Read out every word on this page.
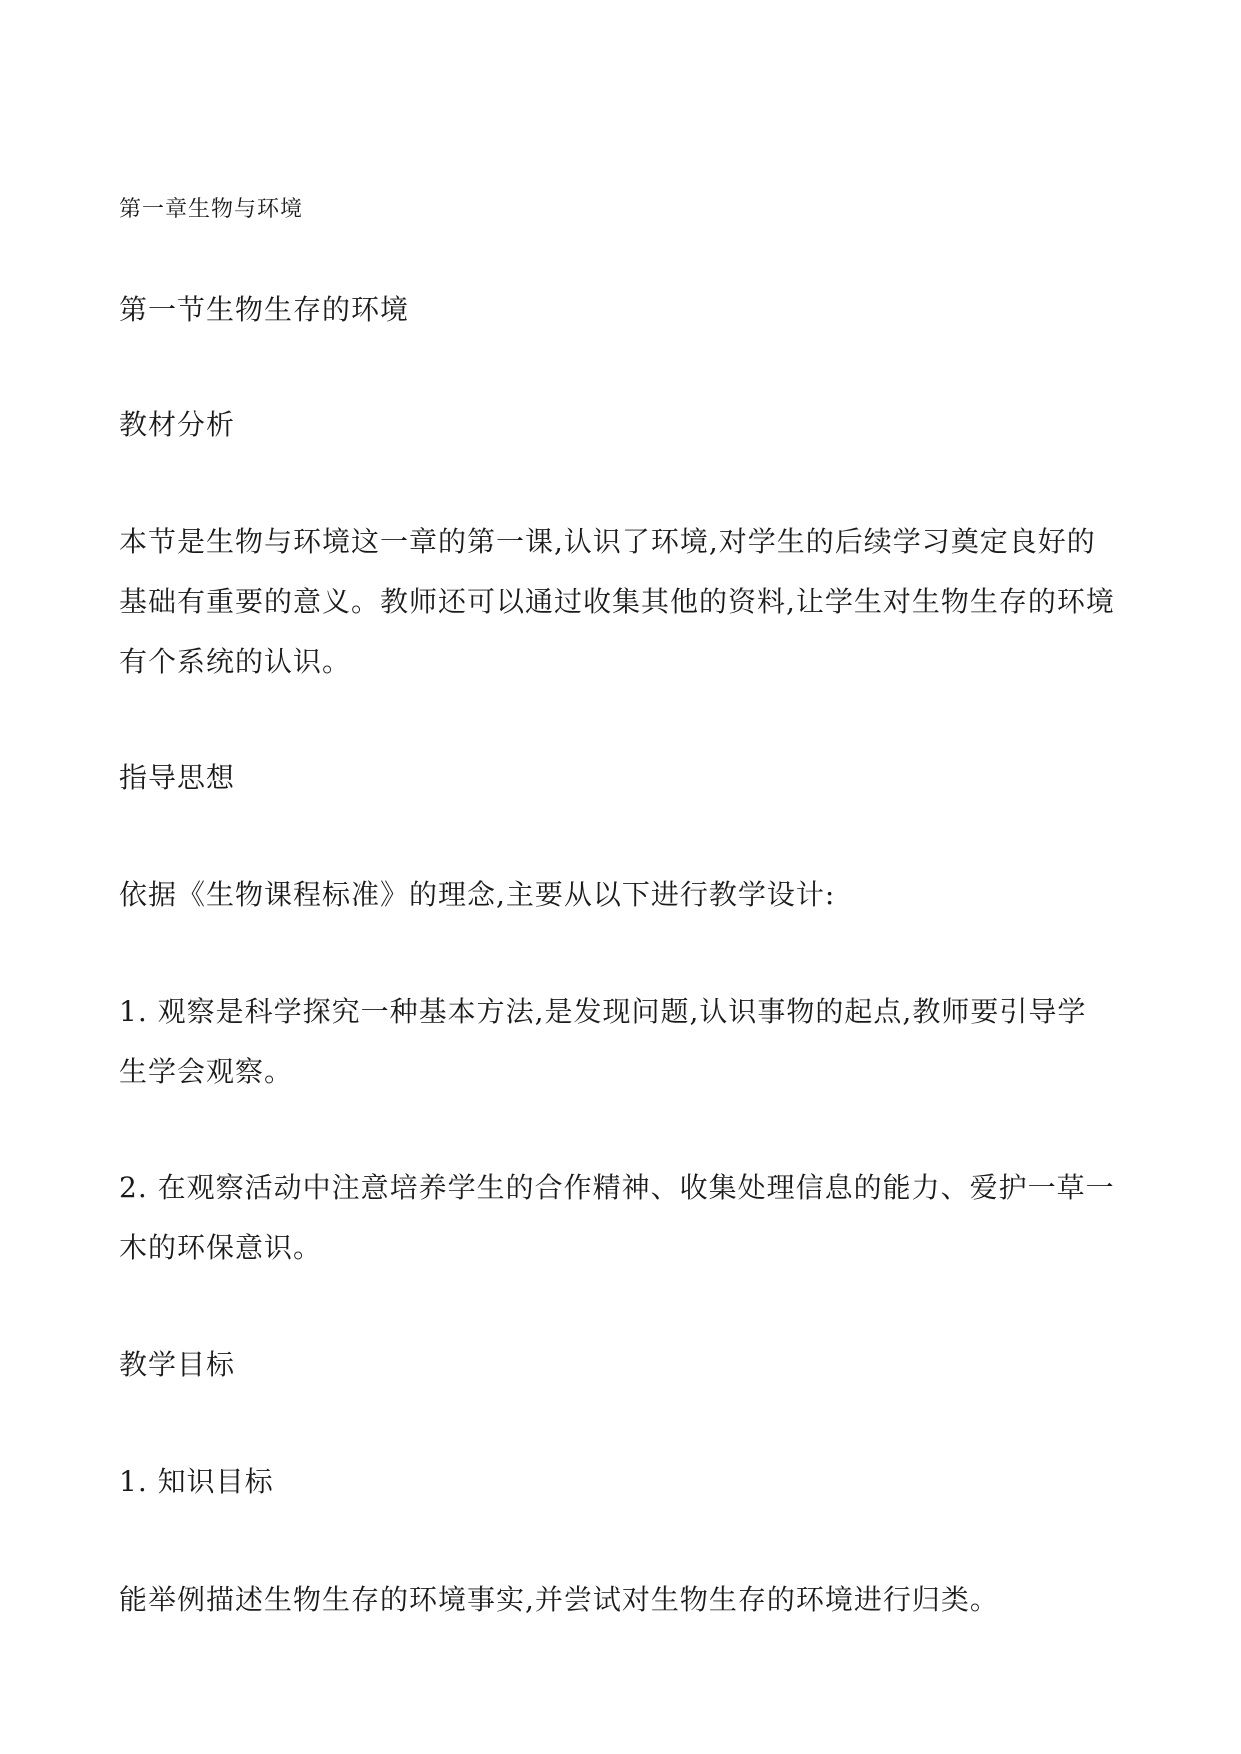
第一章生物与环境
第一节生物生存的环境
教材分析
本节是生物与环境这一章的第一课,认识了环境,对学生的后续学习奠定良好的
基础有重要的意义。教师还可以通过收集其他的资料,让学生对生物生存的环境
有个系统的认识。
指导思想
依据《生物课程标准》的理念,主要从以下进行教学设计:
1. 观察是科学探究一种基本方法,是发现问题,认识事物的起点,教师要引导学
生学会观察。
2. 在观察活动中注意培养学生的合作精神、收集处理信息的能力、爱护一草一
木的环保意识。
教学目标
1. 知识目标
能举例描述生物生存的环境事实,并尝试对生物生存的环境进行归类。
